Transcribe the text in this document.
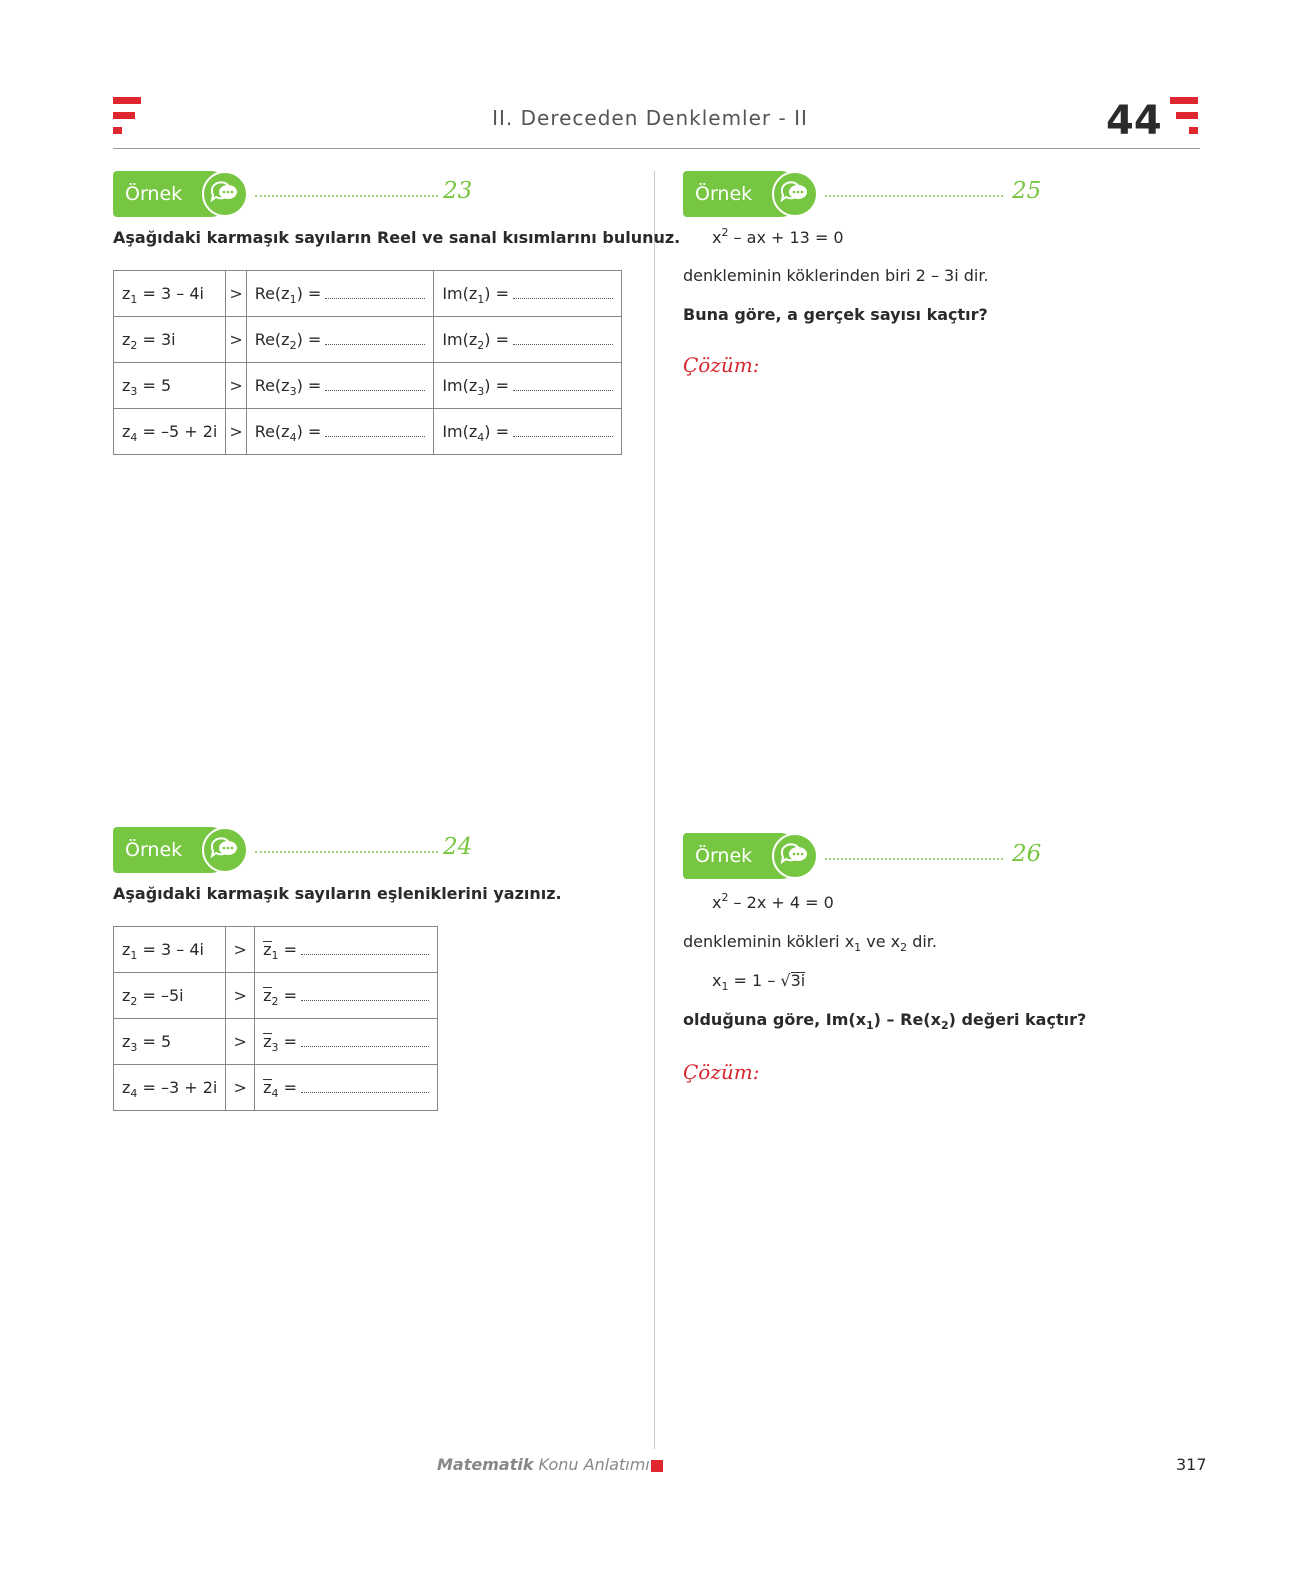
II. Dereceden Denklemler - II	44
Örnek	23
Aşağıdaki karmaşık sayıların Reel ve sanal kısımlarını bulunuz.
$z_1 = 3 - 4i$	>	$Re(z_1)$ =	$Im(z_1)$ =
$z_2 = 3i$	>	$Re(z_2)$ =	$Im(z_2)$ =
$z_3 = 5$	>	$Re(z_3)$ =	$Im(z_3)$ =
$z_4 = -5 + 2i$	>	$Re(z_4)$ =	$Im(z_4)$ =
Örnek	24
Aşağıdaki karmaşık sayıların eşleniklerini yazınız.
$z_1 = 3 - 4i$	>	$z_1$ =
$z_2 = -5i$	>	$z_2$ =
$z_3 = 5$	>	$z_3$ =
$z_4 = -3 + 2i$	>	$z_4$ =
Örnek	25
$x^2$ – ax + 13 = 0
denkleminin köklerinden biri 2 – 3i dir.
Buna göre, a gerçek sayısı kaçtır?
Çözüm:
Örnek	26
$x^2 - 2x + 4 = 0$
denkleminin kökleri $x_1$ ve $x_2$ dir.
$x_1 = 1 - √3i$
olduğuna göre, $Im(x_1) - Re(x_2)$ değeri kaçtır?
Çözüm:
Matematik Konu Anlatımı	317
